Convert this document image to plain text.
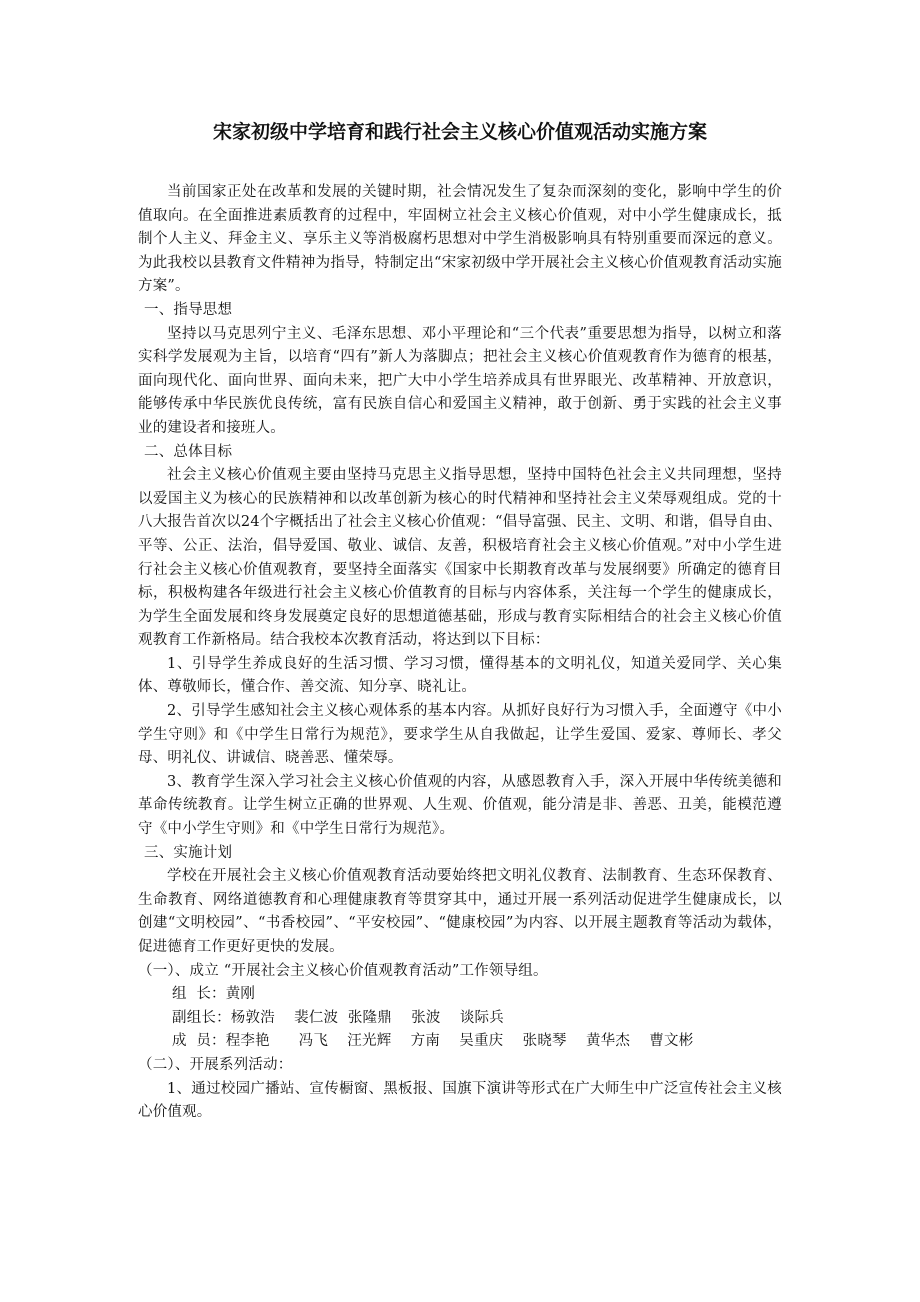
宋家初级中学培育和践行社会主义核心价值观活动实施方案

当前国家正处在改革和发展的关键时期，社会情况发生了复杂而深刻的变化，影响中学生的价值取向。在全面推进素质教育的过程中，牢固树立社会主义核心价值观，对中小学生健康成长，抵制个人主义、拜金主义、享乐主义等消极腐朽思想对中学生消极影响具有特别重要而深远的意义。为此我校以县教育文件精神为指导，特制定出“宋家初级中学开展社会主义核心价值观教育活动实施方案”。

一、指导思想

坚持以马克思列宁主义、毛泽东思想、邓小平理论和“三个代表”重要思想为指导，以树立和落实科学发展观为主旨，以培育“四有”新人为落脚点；把社会主义核心价值观教育作为德育的根基，面向现代化、面向世界、面向未来，把广大中小学生培养成具有世界眼光、改革精神、开放意识，能够传承中华民族优良传统，富有民族自信心和爱国主义精神，敢于创新、勇于实践的社会主义事业的建设者和接班人。

二、总体目标

社会主义核心价值观主要由坚持马克思主义指导思想，坚持中国特色社会主义共同理想，坚持以爱国主义为核心的民族精神和以改革创新为核心的时代精神和坚持社会主义荣辱观组成。党的十八大报告首次以24个字概括出了社会主义核心价值观：“倡导富强、民主、文明、和谐，倡导自由、平等、公正、法治，倡导爱国、敬业、诚信、友善，积极培育社会主义核心价值观。”对中小学生进行社会主义核心价值观教育，要坚持全面落实《国家中长期教育改革与发展纲要》所确定的德育目标，积极构建各年级进行社会主义核心价值教育的目标与内容体系，关注每一个学生的健康成长，为学生全面发展和终身发展奠定良好的思想道德基础，形成与教育实际相结合的社会主义核心价值观教育工作新格局。结合我校本次教育活动，将达到以下目标：

1、引导学生养成良好的生活习惯、学习习惯，懂得基本的文明礼仪，知道关爱同学、关心集体、尊敬师长，懂合作、善交流、知分享、晓礼让。

2、引导学生感知社会主义核心观体系的基本内容。从抓好良好行为习惯入手，全面遵守《中小学生守则》和《中学生日常行为规范》，要求学生从自我做起，让学生爱国、爱家、尊师长、孝父母、明礼仪、讲诚信、晓善恶、懂荣辱。

3、教育学生深入学习社会主义核心价值观的内容，从感恩教育入手，深入开展中华传统美德和革命传统教育。让学生树立正确的世界观、人生观、价值观，能分清是非、善恶、丑美，能模范遵守《中小学生守则》和《中学生日常行为规范》。

三、实施计划

学校在开展社会主义核心价值观教育活动要始终把文明礼仪教育、法制教育、生态环保教育、生命教育、网络道德教育和心理健康教育等贯穿其中，通过开展一系列活动促进学生健康成长，以创建“文明校园”、“书香校园”、“平安校园”、“健康校园”为内容、以开展主题教育等活动为载体，促进德育工作更好更快的发展。

（一）、成立 “开展社会主义核心价值观教育活动”工作领导组。

组  长：黄刚

副组长：杨敦浩    裴仁波  张隆鼎    张波    谈际兵

成  员：程李艳      冯飞    汪光辉    方南    吴重庆    张晓琴    黄华杰    曹文彬

（二）、开展系列活动：

1、通过校园广播站、宣传橱窗、黑板报、国旗下演讲等形式在广大师生中广泛宣传社会主义核心价值观。
